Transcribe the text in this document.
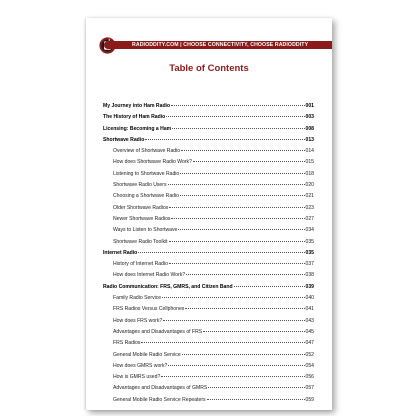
RADIODDITY.COM | CHOOSE CONNECTIVITY, CHOOSE RADIODDITY
Table of Contents
My Journey into Ham Radio	001
The History of Ham Radio	003
Licensing: Becoming a Ham	008
Shortwave Radio	013
Overview of Shortwave Radio	014
How does Shortwave Radio Work?	015
Listening to Shortwave Radio	018
Shortwave Radio Users	020
Choosing a Shortwave Radio	021
Older Shortwave Radios	023
Newer Shortwave Radios	027
Ways to Listen to Shortwave	034
Shortwave Radio Toolkit	035
Internet Radio	035
History of Internet Radio	037
How does Internet Radio Work?	038
Radio Communication: FRS, GMRS, and Citizen Band	039
Family Radio Service	040
FRS Radios Versus Cellphones	041
How does FRS work?	043
Advantages and Disadvantages of FRS	045
FRS Radios	047
General Mobile Radio Service	052
How does GMRS work?	054
How is GMRS used?	056
Advantages and Disadvantages of GMRS	057
General Mobile Radio Service Repeaters	059
